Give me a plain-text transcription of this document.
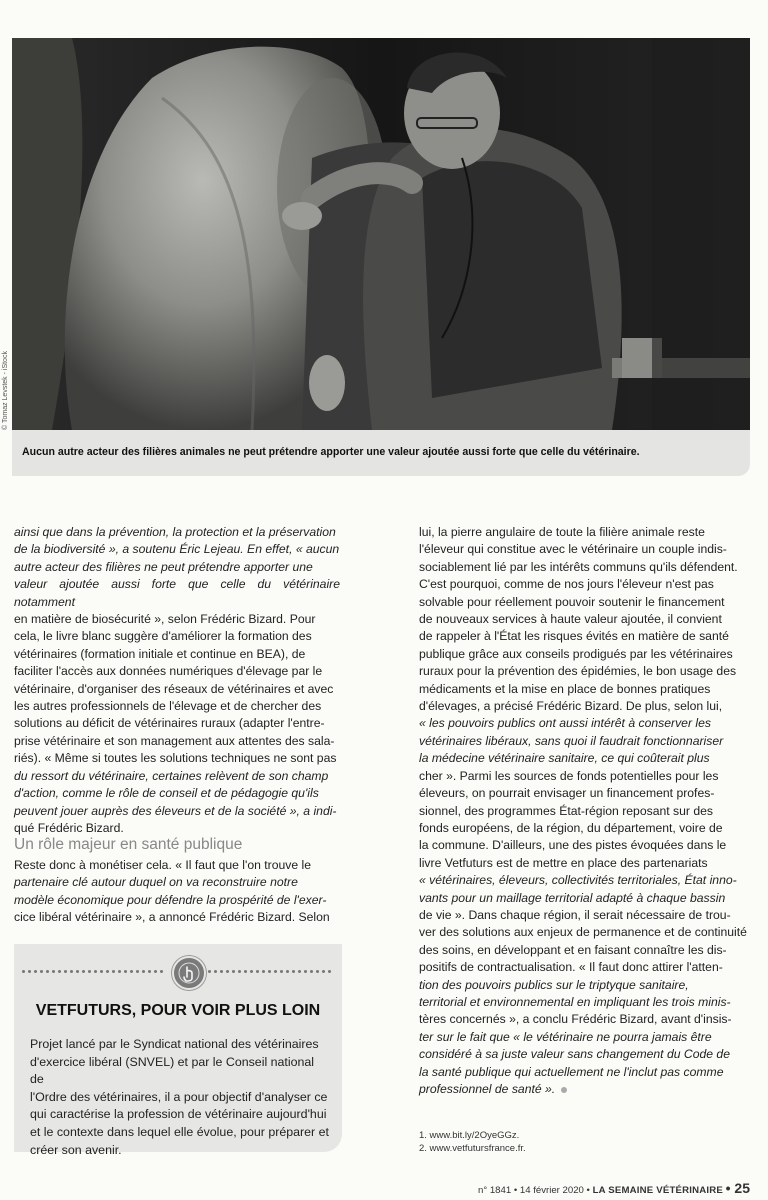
© Tomaz Levstek - iStock
Aucun autre acteur des filières animales ne peut prétendre apporter une valeur ajoutée aussi forte que celle du vétérinaire.

ainsi que dans la prévention, la protection et la préservation

de la biodiversité », a soutenu Éric Lejeau. En effet, « aucun

autre acteur des filières ne peut prétendre apporter une

valeur ajoutée aussi forte que celle du vétérinaire notamment

en matière de biosécurité », selon Frédéric Bizard. Pour

cela, le livre blanc suggère d'améliorer la formation des

vétérinaires (formation initiale et continue en BEA), de

faciliter l'accès aux données numériques d'élevage par le

vétérinaire, d'organiser des réseaux de vétérinaires et avec

les autres professionnels de l'élevage et de chercher des

solutions au déficit de vétérinaires ruraux (adapter l'entre-

prise vétérinaire et son management aux attentes des sala-

riés). « Même si toutes les solutions techniques ne sont pas

du ressort du vétérinaire, certaines relèvent de son champ

d'action, comme le rôle de conseil et de pédagogie qu'ils

peuvent jouer auprès des éleveurs et de la société », a indi-

qué Frédéric Bizard.

Un rôle majeur en santé publique

Reste donc à monétiser cela. « Il faut que l'on trouve le

partenaire clé autour duquel on va reconstruire notre

modèle économique pour défendre la prospérité de l'exer-

cice libéral vétérinaire », a annoncé Frédéric Bizard. Selon

lui, la pierre angulaire de toute la filière animale reste

l'éleveur qui constitue avec le vétérinaire un couple indis-

sociablement lié par les intérêts communs qu'ils défendent.

C'est pourquoi, comme de nos jours l'éleveur n'est pas

solvable pour réellement pouvoir soutenir le financement

de nouveaux services à haute valeur ajoutée, il convient

de rappeler à l'État les risques évités en matière de santé

publique grâce aux conseils prodigués par les vétérinaires

ruraux pour la prévention des épidémies, le bon usage des

médicaments et la mise en place de bonnes pratiques

d'élevages, a précisé Frédéric Bizard. De plus, selon lui,

« les pouvoirs publics ont aussi intérêt à conserver les

vétérinaires libéraux, sans quoi il faudrait fonctionnariser

la médecine vétérinaire sanitaire, ce qui coûterait plus

cher ». Parmi les sources de fonds potentielles pour les

éleveurs, on pourrait envisager un financement profes-

sionnel, des programmes État-région reposant sur des

fonds européens, de la région, du département, voire de

la commune. D'ailleurs, une des pistes évoquées dans le

livre Vetfuturs est de mettre en place des partenariats

« vétérinaires, éleveurs, collectivités territoriales, État inno-

vants pour un maillage territorial adapté à chaque bassin

de vie ». Dans chaque région, il serait nécessaire de trou-

ver des solutions aux enjeux de permanence et de continuité

des soins, en développant et en faisant connaître les dis-

positifs de contractualisation. « Il faut donc attirer l'atten-

tion des pouvoirs publics sur le triptyque sanitaire,

territorial et environnemental en impliquant les trois minis-

tères concernés », a conclu Frédéric Bizard, avant d'insis-

ter sur le fait que « le vétérinaire ne pourra jamais être

considéré à sa juste valeur sans changement du Code de

la santé publique qui actuellement ne l'inclut pas comme

professionnel de santé ».

VETFUTURS, POUR VOIR PLUS LOIN
Projet lancé par le Syndicat national des vétérinaires
d'exercice libéral (SNVEL) et par le Conseil national de
l'Ordre des vétérinaires, il a pour objectif d'analyser ce
qui caractérise la profession de vétérinaire aujourd'hui
et le contexte dans lequel elle évolue, pour préparer et
créer son avenir.
1. www.bit.ly/2OyeGGz.
2. www.vetfutursfrance.fr.
n° 1841 • 14 février 2020 • LA SEMAINE VÉTÉRINAIRE • 25
